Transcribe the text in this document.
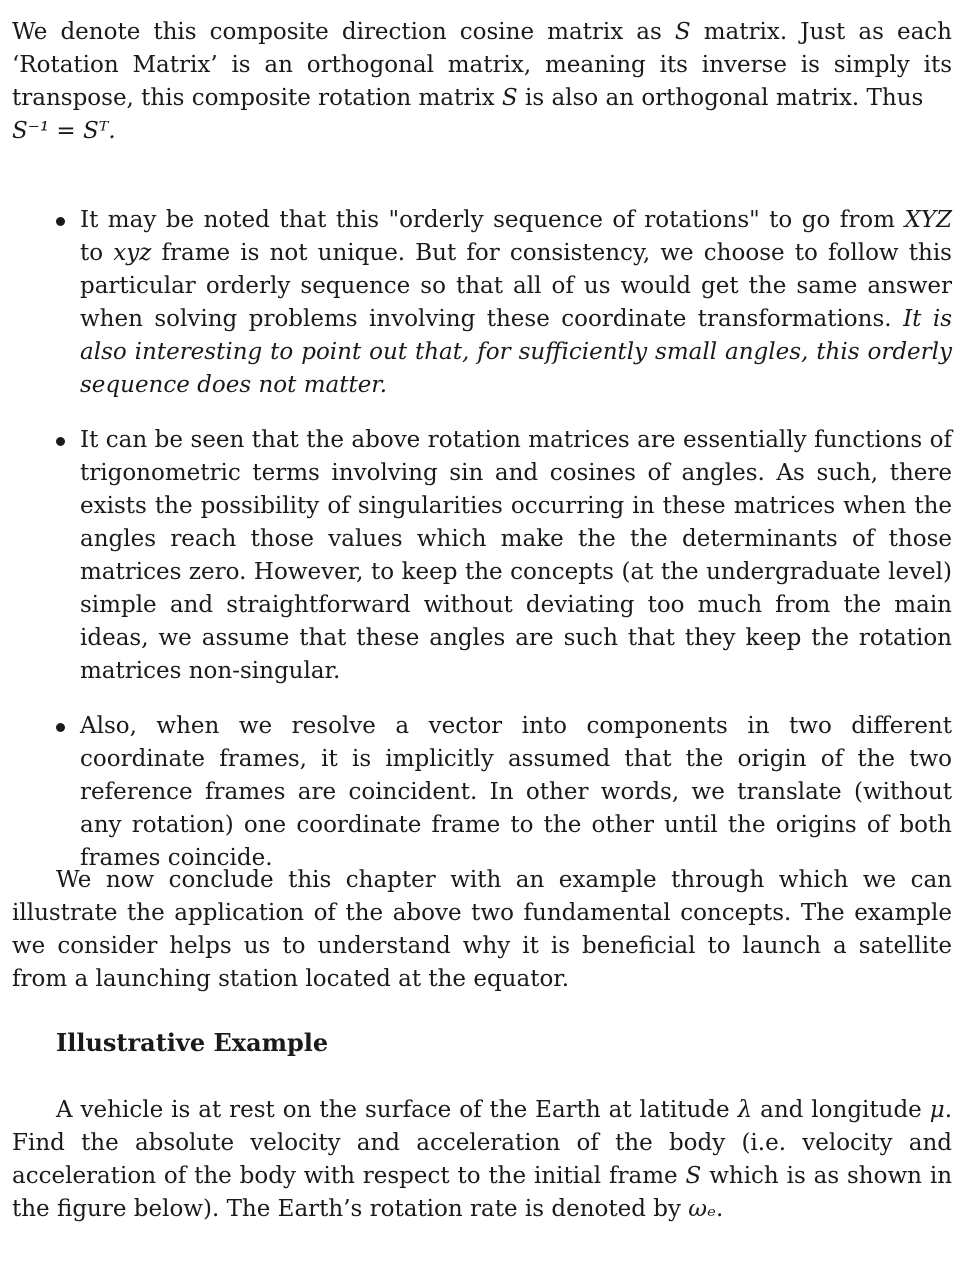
We denote this composite direction cosine matrix as S matrix. Just as each ‘Rotation Matrix’ is an orthogonal matrix, meaning its inverse is simply its transpose, this composite rotation matrix S is also an orthogonal matrix. Thus
S⁻¹ = Sᵀ.

It may be noted that this "orderly sequence of rotations" to go from XYZ to xyz frame is not unique. But for consistency, we choose to follow this particular orderly sequence so that all of us would get the same answer when solving problems involving these coordinate transformations. It is also interesting to point out that, for sufficiently small angles, this orderly sequence does not matter.

It can be seen that the above rotation matrices are essentially functions of trigonometric terms involving sin and cosines of angles. As such, there exists the possibility of singularities occurring in these matrices when the angles reach those values which make the the determinants of those matrices zero. However, to keep the concepts (at the undergraduate level) simple and straightforward without deviating too much from the main ideas, we assume that these angles are such that they keep the rotation matrices non-singular.

Also, when we resolve a vector into components in two different coordinate frames, it is implicitly assumed that the origin of the two reference frames are coincident. In other words, we translate (without any rotation) one coordinate frame to the other until the origins of both frames coincide.

We now conclude this chapter with an example through which we can illustrate the application of the above two fundamental concepts. The example we consider helps us to understand why it is beneficial to launch a satellite from a launching station located at the equator.

Illustrative Example

A vehicle is at rest on the surface of the Earth at latitude λ and longitude μ. Find the absolute velocity and acceleration of the body (i.e. velocity and acceleration of the body with respect to the initial frame S which is as shown in the figure below). The Earth’s rotation rate is denoted by ωₑ.
